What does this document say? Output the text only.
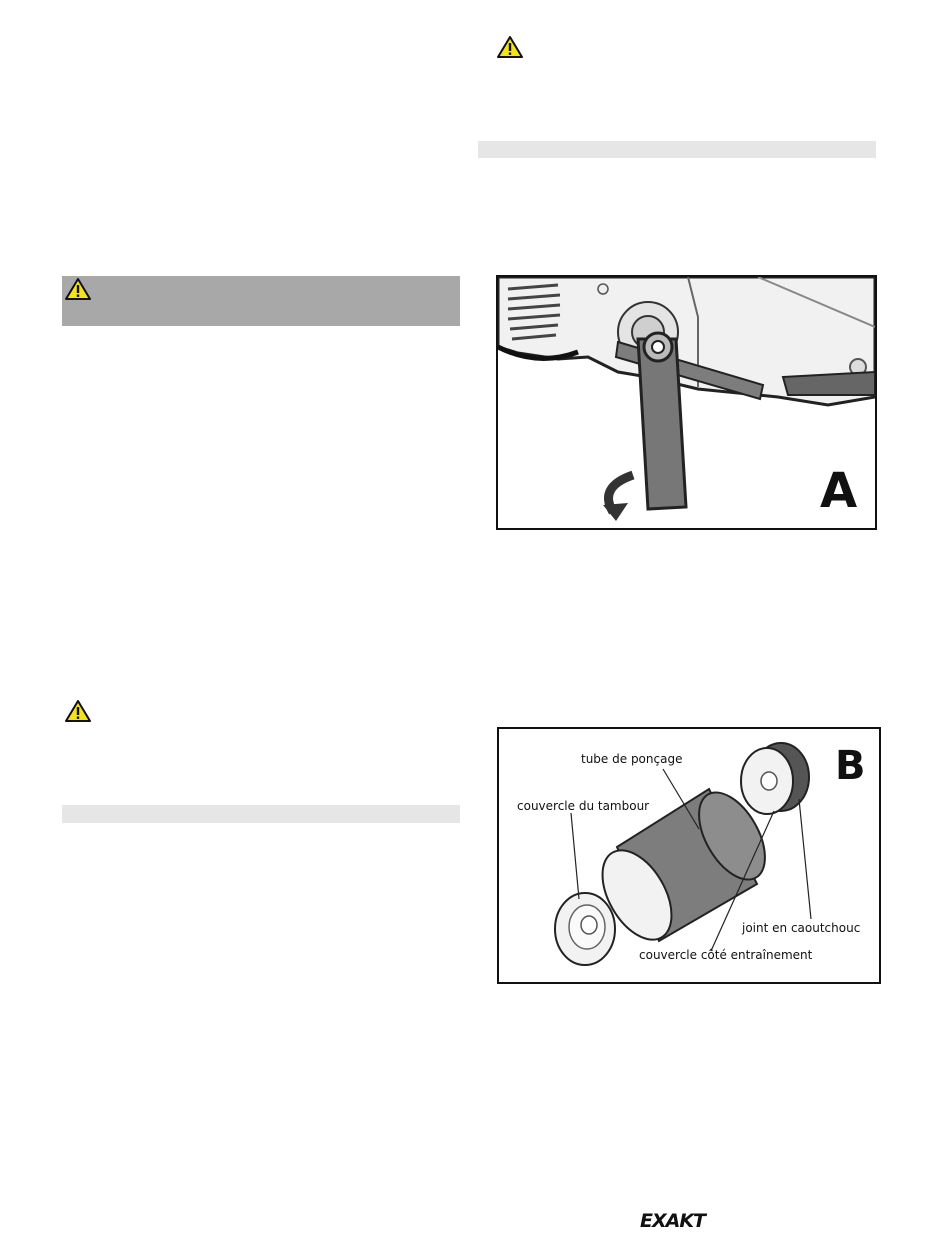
A
B
tube de ponçage
couvercle du tambour
joint en caoutchouc
couvercle côté entraînement
EXAKT
